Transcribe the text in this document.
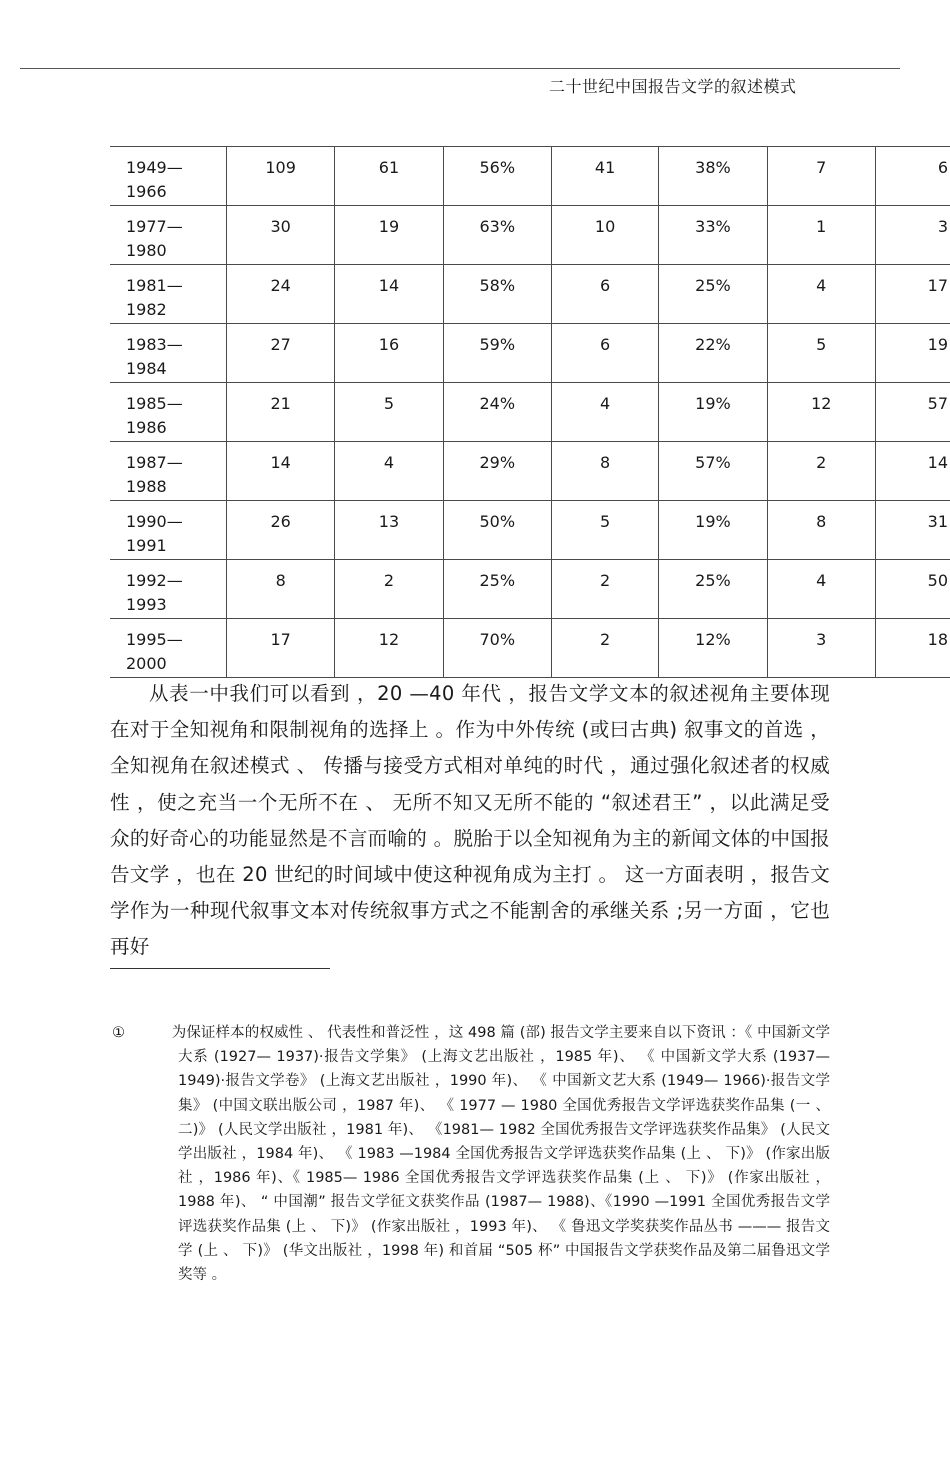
二十世纪中国报告文学的叙述模式
1949—
1966	109	61	56%	41	38%	7	6

1977—
1980	30	19	63%	10	33%	1	3

1981—
1982	24	14	58%	6	25%	4	17

1983—
1984	27	16	59%	6	22%	5	19

1985—
1986	21	5	24%	4	19%	12	57

1987—
1988	14	4	29%	8	57%	2	14

1990—
1991	26	13	50%	5	19%	8	31

1992—
1993	8	2	25%	2	25%	4	50

1995—
2000	17	12	70%	2	12%	3	18

从表一中我们可以看到 ，20 —40 年代 ，报告文学文本的叙述视角主要体现在对于全知视角和限制视角的选择上 。作为中外传统 (或曰古典) 叙事文的首选 ，全知视角在叙述模式 、 传播与接受方式相对单纯的时代 ，通过强化叙述者的权威性 ，使之充当一个无所不在 、 无所不知又无所不能的 “叙述君王” ，以此满足受众的好奇心的功能显然是不言而喻的 。脱胎于以全知视角为主的新闻文体的中国报告文学 ，也在 20 世纪的时间域中使这种视角成为主打 。 这一方面表明 ，报告文学作为一种现代叙事文本对传统叙事方式之不能割舍的承继关系 ;另一方面 ，它也再好

①	为保证样本的权威性 、 代表性和普泛性 ，这 498 篇 (部) 报告文学主要来自以下资讯 ：《 中国新文学大系 (1927— 1937)·报告文学集》 (上海文艺出版社 ，1985 年)、 《 中国新文学大系 (1937— 1949)·报告文学卷》 (上海文艺出版社 ，1990 年)、 《 中国新文艺大系 (1949— 1966)·报告文学集》 (中国文联出版公司 ，1987 年)、 《 1977 — 1980 全国优秀报告文学评选获奖作品集 (一 、 二)》 (人民文学出版社 ，1981 年)、 《1981— 1982 全国优秀报告文学评选获奖作品集》 (人民文学出版社 ，1984 年)、 《 1983 —1984 全国优秀报告文学评选获奖作品集 (上 、 下)》 (作家出版社 ，1986 年)、《 1985— 1986 全国优秀报告文学评选获奖作品集 (上 、 下)》 (作家出版社 ，1988 年)、 “ 中国潮” 报告文学征文获奖作品 (1987— 1988)、《1990 —1991 全国优秀报告文学评选获奖作品集 (上 、 下)》 (作家出版社 ，1993 年)、 《 鲁迅文学奖获奖作品丛书 ——— 报告文学 (上 、 下)》 (华文出版社 ，1998 年) 和首届 “505 杯” 中国报告文学获奖作品及第二届鲁迅文学奖等 。
